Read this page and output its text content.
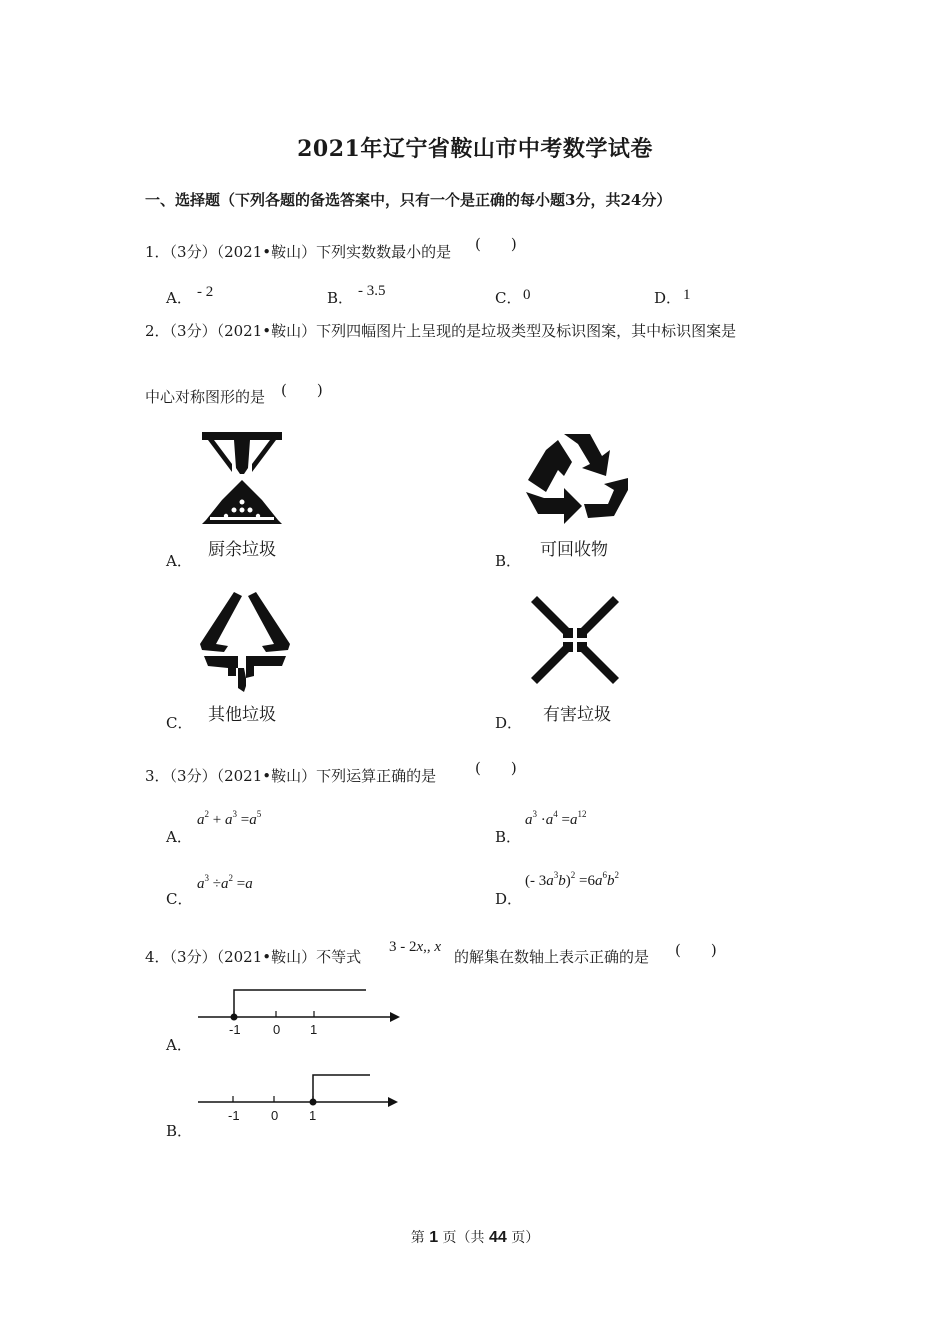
2021年辽宁省鞍山市中考数学试卷
一、选择题（下列各题的备选答案中，只有一个是正确的每小题3分，共24分）
1．（3分）（2021•鞍山）下列实数数最小的是 (　　)
A． - 2	B． - 3.5	C． 0	D． 1
2．（3分）（2021•鞍山）下列四幅图片上呈现的是垃圾类型及标识图案，其中标识图案是
中心对称图形的是 (　　)
A．
厨余垃圾
B．
可回收物
C． 其他垃圾	D． 有害垃圾
3．（3分）（2021•鞍山）下列运算正确的是	(　　)
A．
$a^2 + a^3 =a^5$
B．
$a^3 \cdot a^4 =a^{12}$
C．
$a^3 \div a^2 =a$
D．
(- $3a^3b)^2 =6a^6b^2$
4．（3分）（2021•鞍山）不等式
3 - 2x,, x
的解集在数轴上表示正确的是 (　　)
A．
-1 0 1
B．
-1 0 1
第 1 页（共 44 页）
